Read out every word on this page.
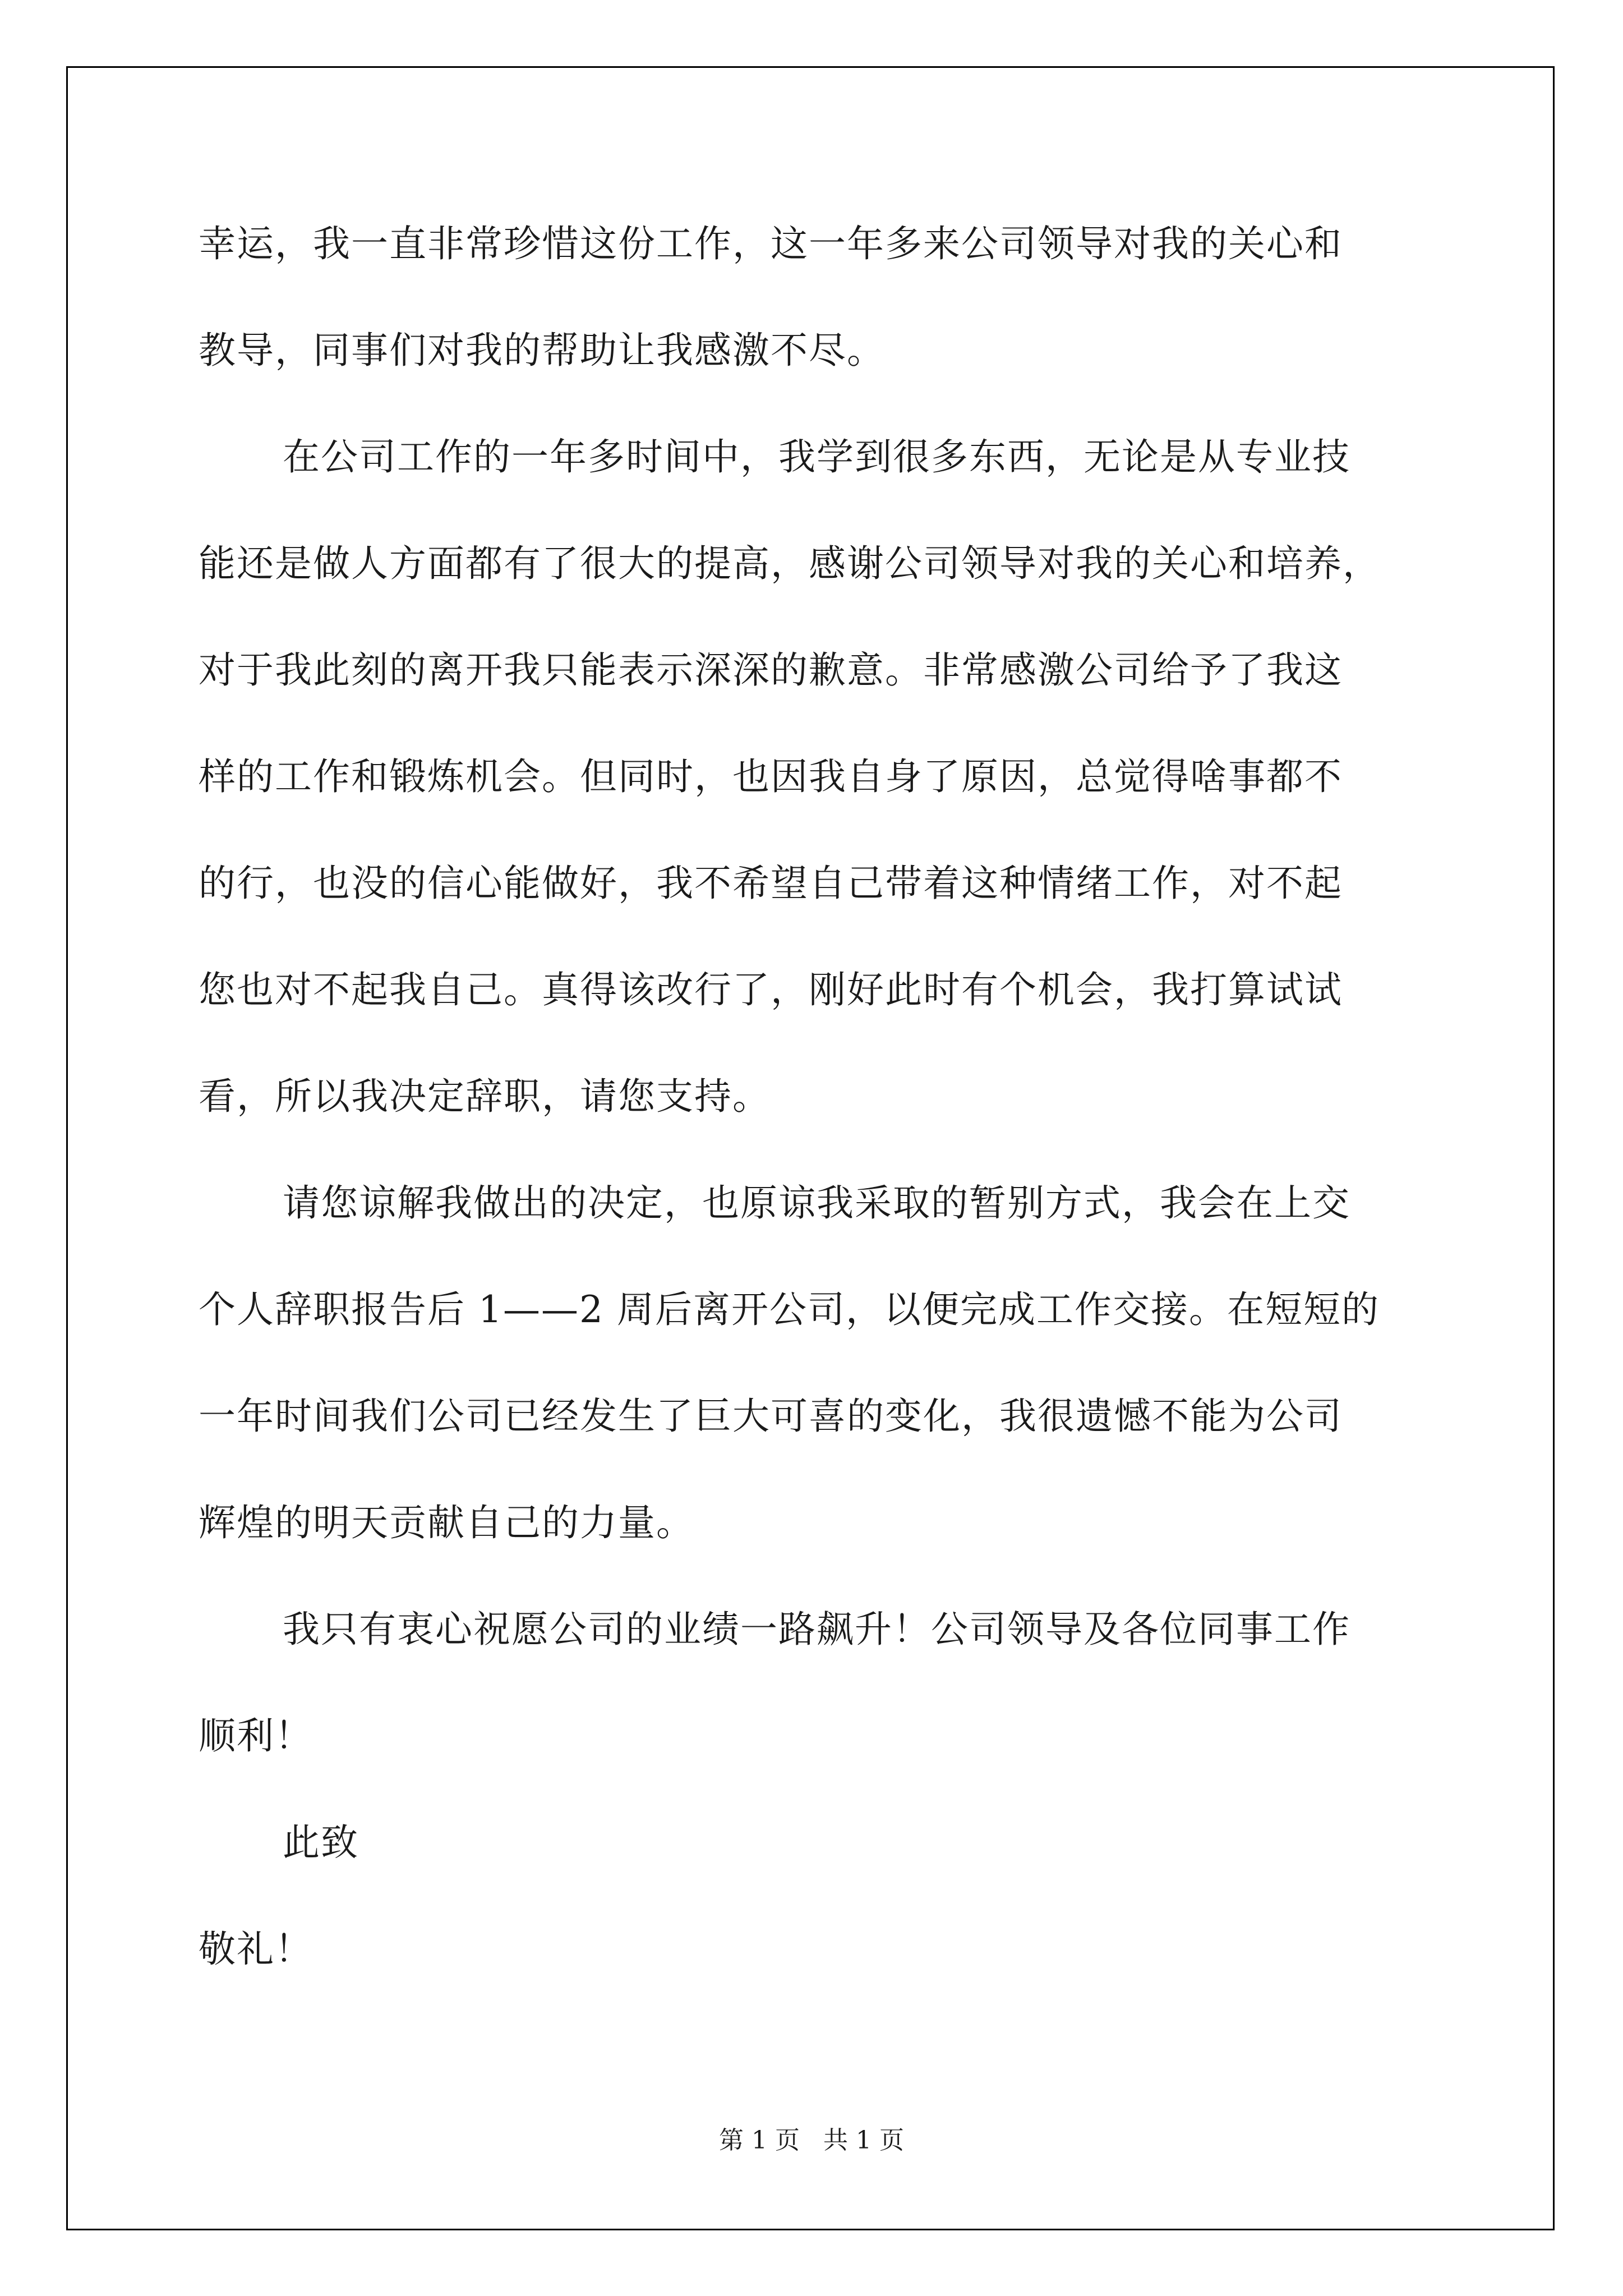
幸运，我一直非常珍惜这份工作，这一年多来公司领导对我的关心和
教导，同事们对我的帮助让我感激不尽。
在公司工作的一年多时间中，我学到很多东西，无论是从专业技
能还是做人方面都有了很大的提高，感谢公司领导对我的关心和培养，
对于我此刻的离开我只能表示深深的歉意。非常感激公司给予了我这
样的工作和锻炼机会。但同时，也因我自身了原因，总觉得啥事都不
的行，也没的信心能做好，我不希望自己带着这种情绪工作，对不起
您也对不起我自己。真得该改行了，刚好此时有个机会，我打算试试
看，所以我决定辞职，请您支持。
请您谅解我做出的决定，也原谅我采取的暂别方式，我会在上交
个人辞职报告后 1——2 周后离开公司，以便完成工作交接。在短短的
一年时间我们公司已经发生了巨大可喜的变化，我很遗憾不能为公司
辉煌的明天贡献自己的力量。
我只有衷心祝愿公司的业绩一路飙升！公司领导及各位同事工作
顺利！
此致
敬礼！
第 1 页   共 1 页
